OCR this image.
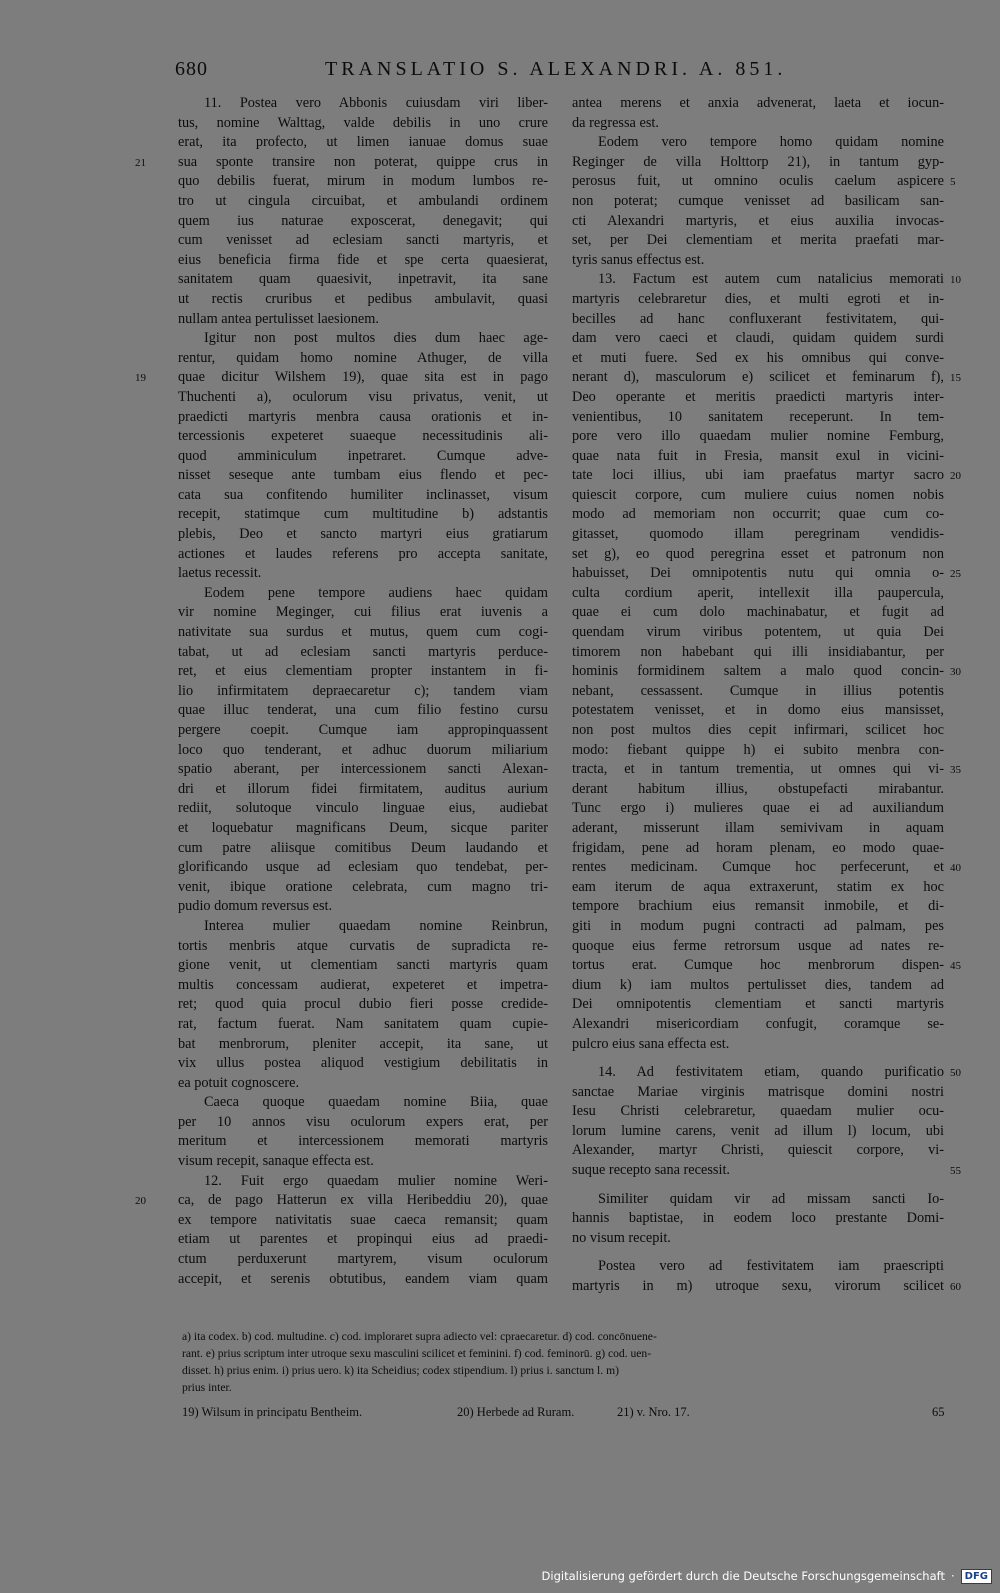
680	TRANSLATIO S. ALEXANDRI. A. 851.
11. Postea vero Abbonis cuiusdam viri liber-
tus, nomine Walttag, valde debilis in uno crure
erat, ita profecto, ut limen ianuae domus suae
sua sponte transire non poterat, quippe crus in
quo debilis fuerat, mirum in modum lumbos re-
tro ut cingula circuibat, et ambulandi ordinem
quem ius naturae exposcerat, denegavit; qui
cum venisset ad eclesiam sancti martyris, et
eius beneficia firma fide et spe certa quaesierat,
sanitatem quam quaesivit, inpetravit, ita sane
ut rectis cruribus et pedibus ambulavit, quasi
nullam antea pertulisset laesionem.
Igitur non post multos dies dum haec age-
rentur, quidam homo nomine Athuger, de villa
quae dicitur Wilshem 19), quae sita est in pago
Thuchenti a), oculorum visu privatus, venit, ut
praedicti martyris menbra causa orationis et in-
tercessionis expeteret suaeque necessitudinis ali-
quod amminiculum inpetraret. Cumque adve-
nisset seseque ante tumbam eius flendo et pec-
cata sua confitendo humiliter inclinasset, visum
recepit, statimque cum multitudine b) adstantis
plebis, Deo et sancto martyri eius gratiarum
actiones et laudes referens pro accepta sanitate,
laetus recessit.
Eodem pene tempore audiens haec quidam
vir nomine Meginger, cui filius erat iuvenis a
nativitate sua surdus et mutus, quem cum cogi-
tabat, ut ad eclesiam sancti martyris perduce-
ret, et eius clementiam propter instantem in fi-
lio infirmitatem depraecaretur c); tandem viam
quae illuc tenderat, una cum filio festino cursu
pergere coepit. Cumque iam appropinquassent
loco quo tenderant, et adhuc duorum miliarium
spatio aberant, per intercessionem sancti Alexan-
dri et illorum fidei firmitatem, auditus aurium
rediit, solutoque vinculo linguae eius, audiebat
et loquebatur magnificans Deum, sicque pariter
cum patre aliisque comitibus Deum laudando et
glorificando usque ad eclesiam quo tendebat, per-
venit, ibique oratione celebrata, cum magno tri-
pudio domum reversus est.
Interea mulier quaedam nomine Reinbrun,
tortis menbris atque curvatis de supradicta re-
gione venit, ut clementiam sancti martyris quam
multis concessam audierat, expeteret et impetra-
ret; quod quia procul dubio fieri posse credide-
rat, factum fuerat. Nam sanitatem quam cupie-
bat menbrorum, pleniter accepit, ita sane, ut
vix ullus postea aliquod vestigium debilitatis in
ea potuit cognoscere.
Caeca quoque quaedam nomine Biia, quae
per 10 annos visu oculorum expers erat, per
meritum et intercessionem memorati martyris
visum recepit, sanaque effecta est.
12. Fuit ergo quaedam mulier nomine Weri-
ca, de pago Hatterun ex villa Heribeddiu 20), quae
ex tempore nativitatis suae caeca remansit; quam
etiam ut parentes et propinqui eius ad praedi-
ctum perduxerunt martyrem, visum oculorum
accepit, et serenis obtutibus, eandem viam quam
antea merens et anxia advenerat, laeta et iocun-
da regressa est.
Eodem vero tempore homo quidam nomine
Reginger de villa Holttorp 21), in tantum gyp-
perosus fuit, ut omnino oculis caelum aspicere
non poterat; cumque venisset ad basilicam san-
cti Alexandri martyris, et eius auxilia invocas-
set, per Dei clementiam et merita praefati mar-
tyris sanus effectus est.
13. Factum est autem cum natalicius memorati
martyris celebraretur dies, et multi egroti et in-
becilles ad hanc confluxerant festivitatem, qui-
dam vero caeci et claudi, quidam quidem surdi
et muti fuere. Sed ex his omnibus qui conve-
nerant d), masculorum e) scilicet et feminarum f),
Deo operante et meritis praedicti martyris inter-
venientibus, 10 sanitatem receperunt. In tem-
pore vero illo quaedam mulier nomine Femburg,
quae nata fuit in Fresia, mansit exul in vicini-
tate loci illius, ubi iam praefatus martyr sacro
quiescit corpore, cum muliere cuius nomen nobis
modo ad memoriam non occurrit; quae cum co-
gitasset, quomodo illam peregrinam vendidis-
set g), eo quod peregrina esset et patronum non
habuisset, Dei omnipotentis nutu qui omnia o-
culta cordium aperit, intellexit illa paupercula,
quae ei cum dolo machinabatur, et fugit ad
quendam virum viribus potentem, ut quia Dei
timorem non habebant qui illi insidiabantur, per
hominis formidinem saltem a malo quod concin-
nebant, cessassent. Cumque in illius potentis
potestatem venisset, et in domo eius mansisset,
non post multos dies cepit infirmari, scilicet hoc
modo: fiebant quippe h) ei subito menbra con-
tracta, et in tantum trementia, ut omnes qui vi-
derant habitum illius, obstupefacti mirabantur.
Tunc ergo i) mulieres quae ei ad auxiliandum
aderant, misserunt illam semivivam in aquam
frigidam, pene ad horam plenam, eo modo quae-
rentes medicinam. Cumque hoc perfecerunt, et
eam iterum de aqua extraxerunt, statim ex hoc
tempore brachium eius remansit inmobile, et di-
giti in modum pugni contracti ad palmam, pes
quoque eius ferme retrorsum usque ad nates re-
tortus erat. Cumque hoc menbrorum dispen-
dium k) iam multos pertulisset dies, tandem ad
Dei omnipotentis clementiam et sancti martyris
Alexandri misericordiam confugit, coramque se-
pulcro eius sana effecta est.
14. Ad festivitatem etiam, quando purificatio
sanctae Mariae virginis matrisque domini nostri
Iesu Christi celebraretur, quaedam mulier ocu-
lorum lumine carens, venit ad illum l) locum, ubi
Alexander, martyr Christi, quiescit corpore, vi-
suque recepto sana recessit.
Similiter quidam vir ad missam sancti Io-
hannis baptistae, in eodem loco prestante Domi-
no visum recepit.
Postea vero ad festivitatem iam praescripti
martyris in m) utroque sexu, virorum scilicet
21
19
20
5
10
15
20
25
30
35
40
45
50
55
60
a) ita codex. b) cod. multudine. c) cod. imploraret supra adiecto vel: cpraecaretur. d) cod. concōnuene-
rant. e) prius scriptum inter utroque sexu masculini scilicet et feminini. f) cod. feminorū. g) cod. uen-
disset. h) prius enim. i) prius uero. k) ita Scheidius; codex stipendium. l) prius i. sanctum l. m)
prius inter.
19) Wilsum in principatu Bentheim.	20) Herbede ad Ruram.	21) v. Nro. 17.	65
Digitalisierung gefördert durch die Deutsche Forschungsgemeinschaft ·	DFG
